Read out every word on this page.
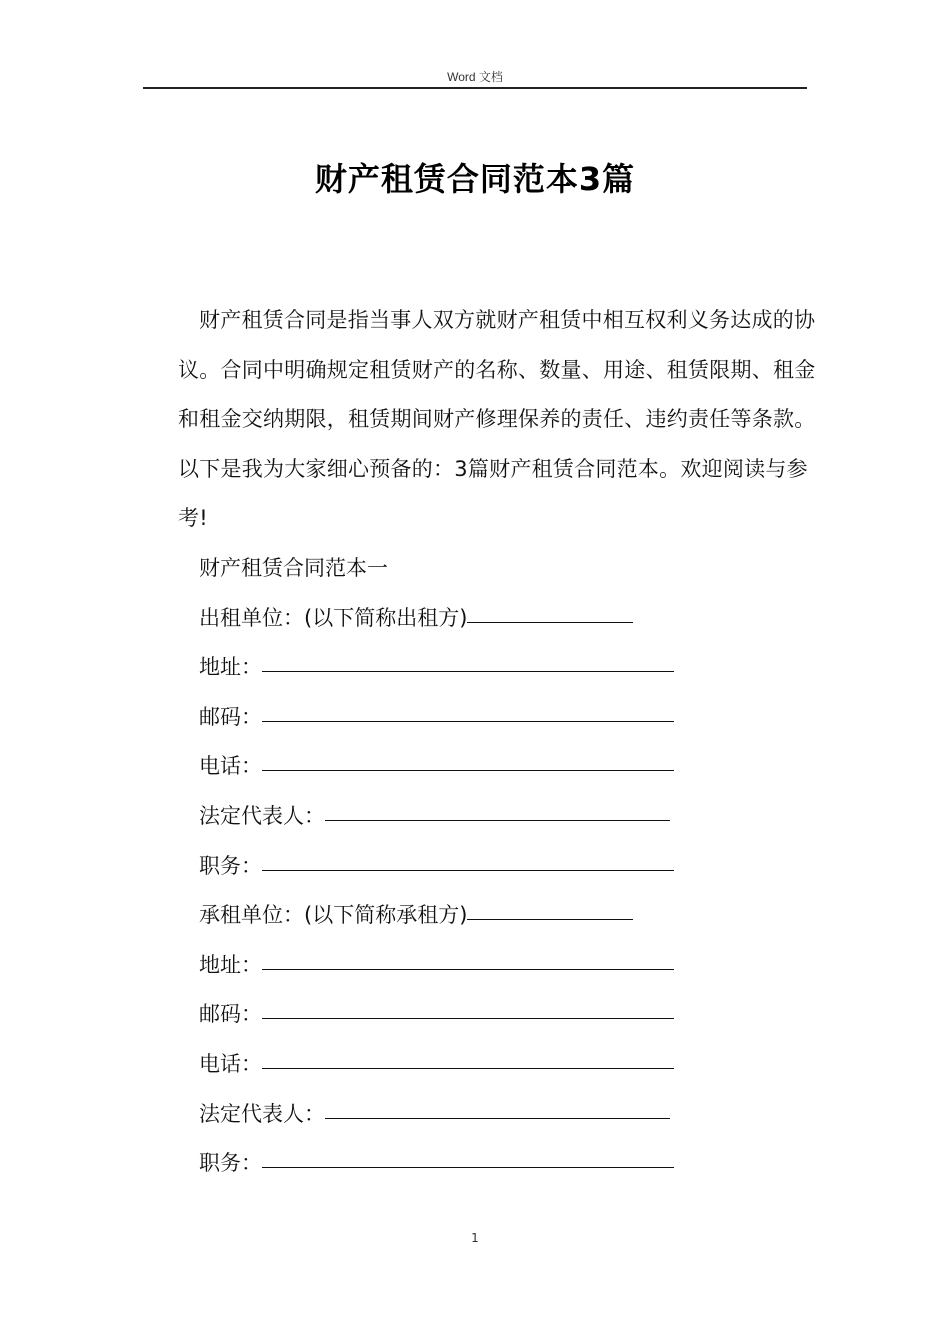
Word 文档
财产租赁合同范本3篇

财产租赁合同是指当事人双方就财产租赁中相互权利义务达成的协议。合同中明确规定租赁财产的名称、数量、用途、租赁限期、租金和租金交纳期限，租赁期间财产修理保养的责任、违约责任等条款。以下是我为大家细心预备的：3篇财产租赁合同范本。欢迎阅读与参考!

财产租赁合同范本一

出租单位：(以下简称出租方)

地址：

邮码：

电话：

法定代表人：

职务：

承租单位：(以下简称承租方)

地址：

邮码：

电话：

法定代表人：

职务：

1
